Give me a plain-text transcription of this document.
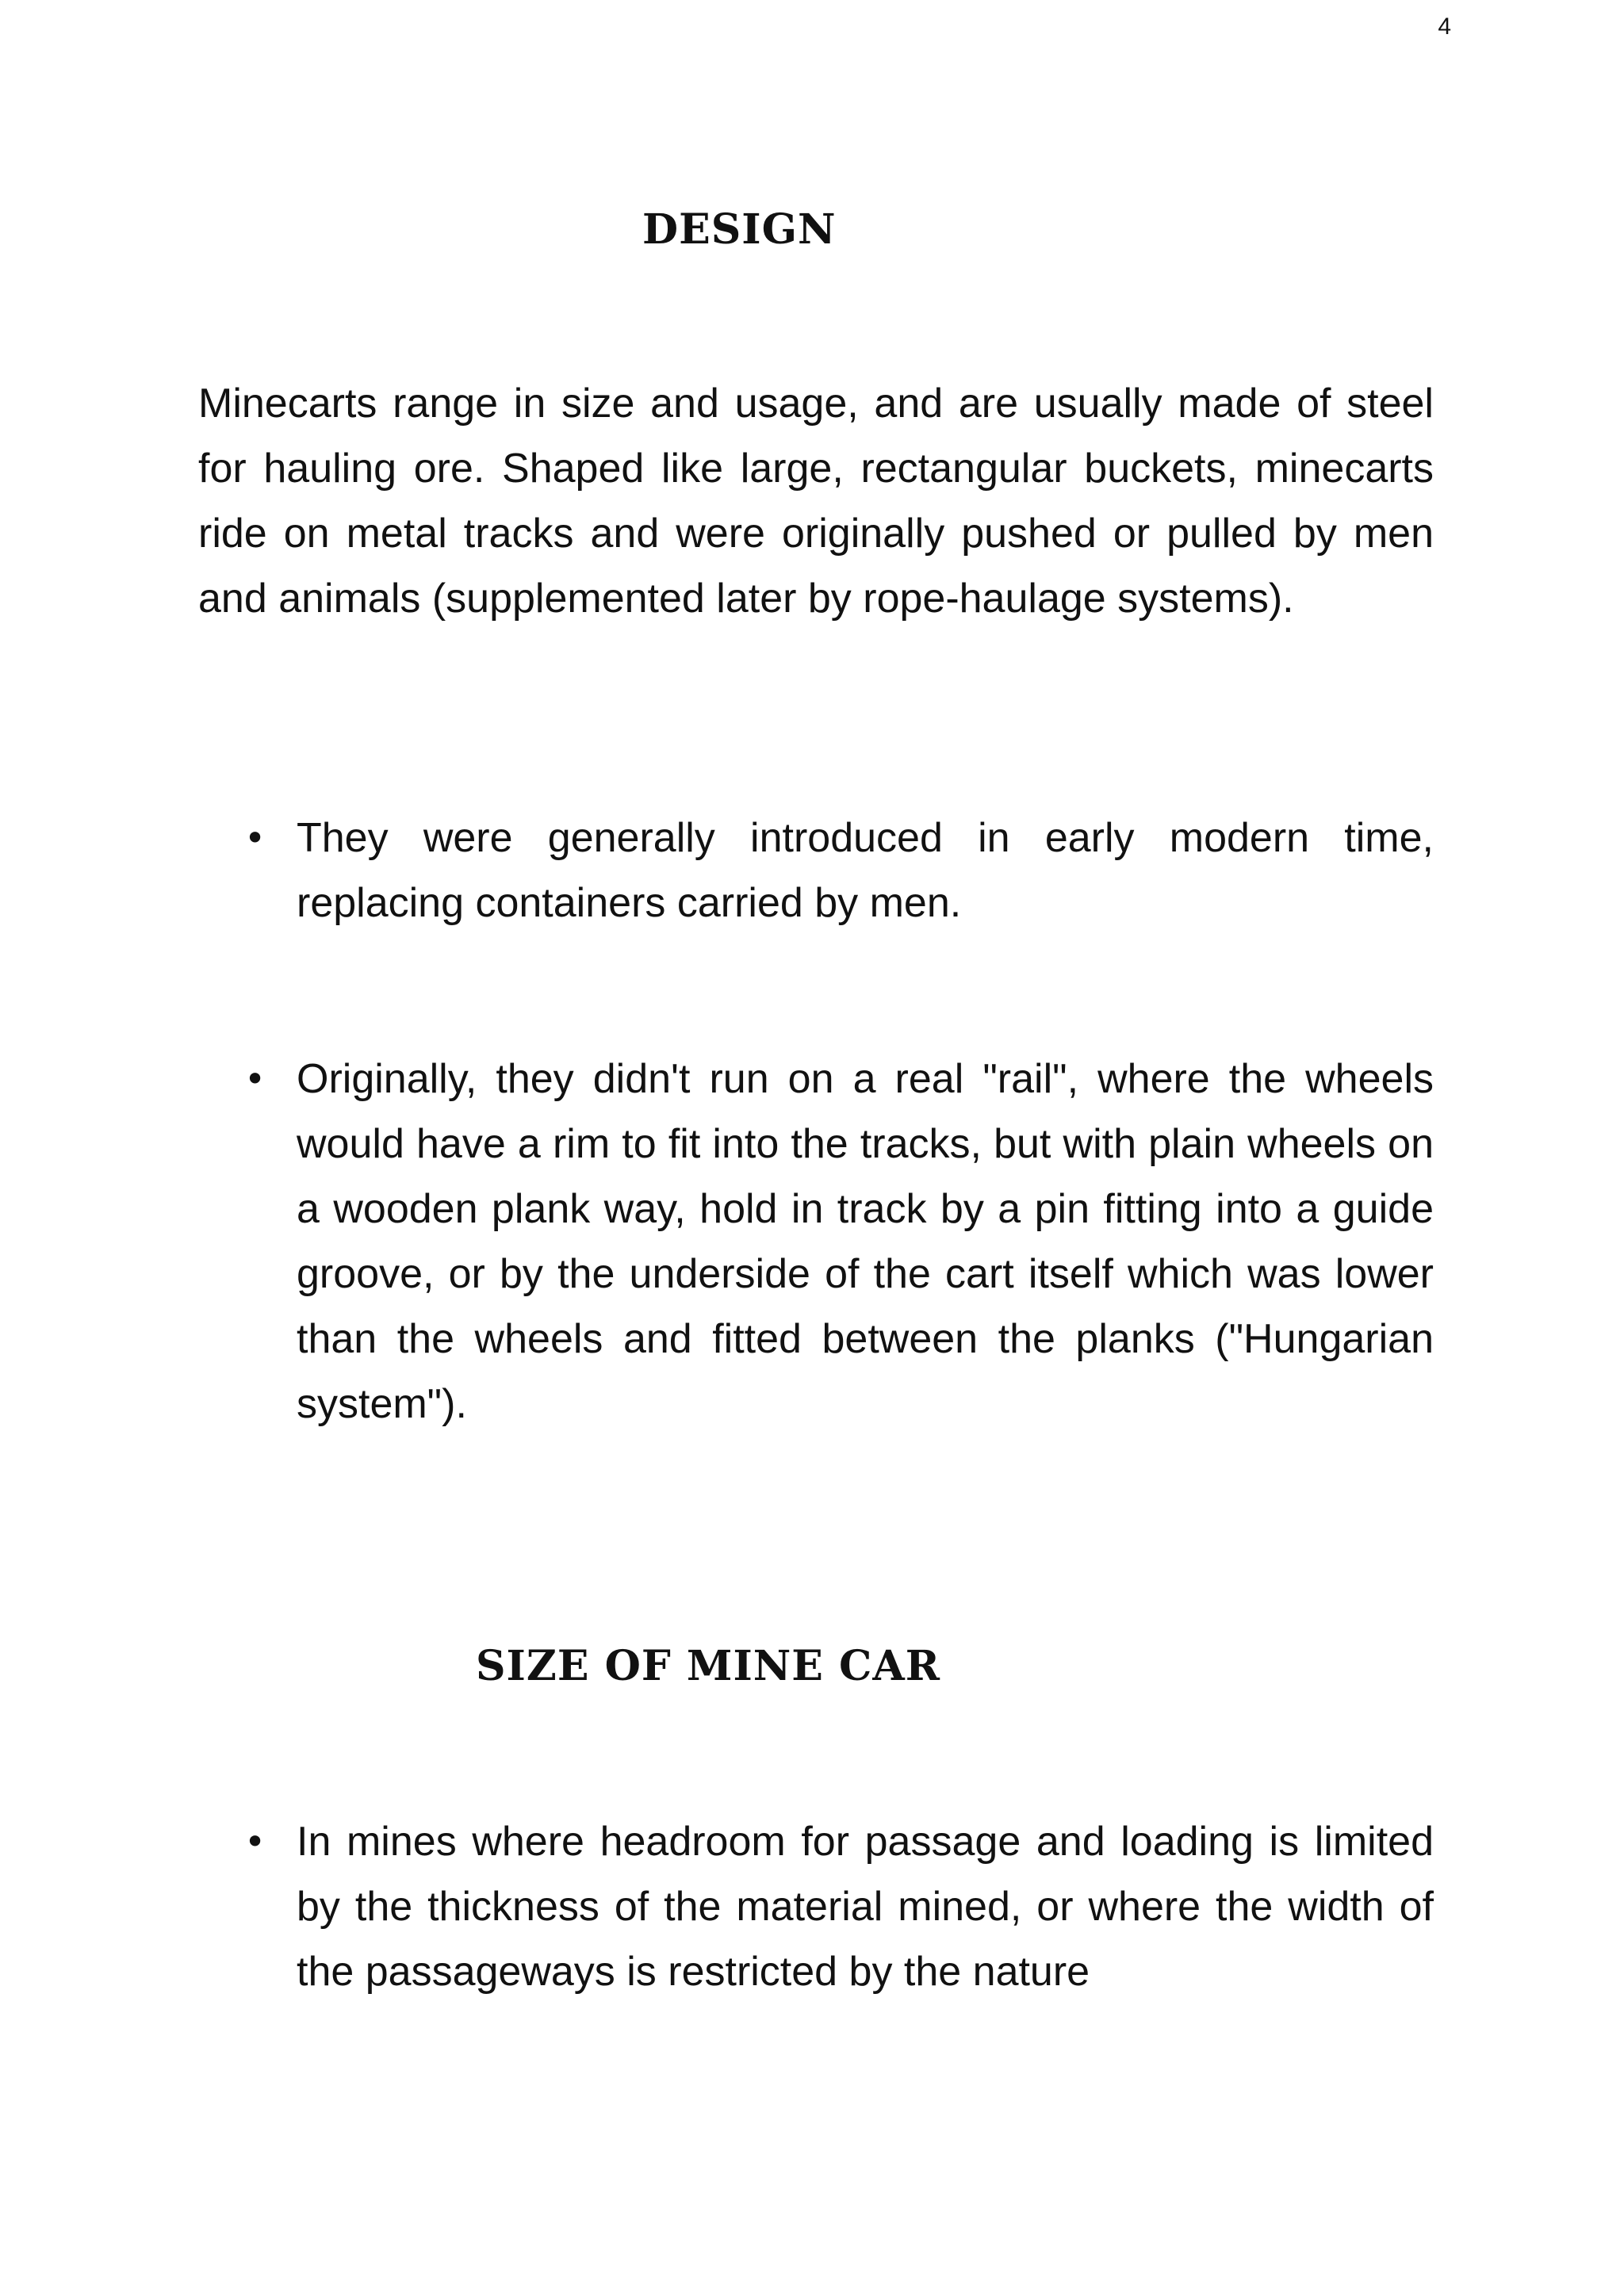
4
DESIGN

Minecarts range in size and usage, and are usually made of steel for hauling ore. Shaped like large, rectangular buckets, minecarts ride on metal tracks and were originally pushed or pulled by men and animals (supplemented later by rope-haulage systems).

• They were generally introduced in early modern time, replacing containers carried by men.

• Originally, they didn't run on a real "rail", where the wheels would have a rim to fit into the tracks, but with plain wheels on a wooden plank way, hold in track by a pin fitting into a guide groove, or by the underside of the cart itself which was lower than the wheels and fitted between the planks ("Hungarian system").

SIZE OF MINE CAR
• In mines where headroom for passage and loading is limited by the thickness of the material mined, or where the width of the passageways is restricted by the nature
